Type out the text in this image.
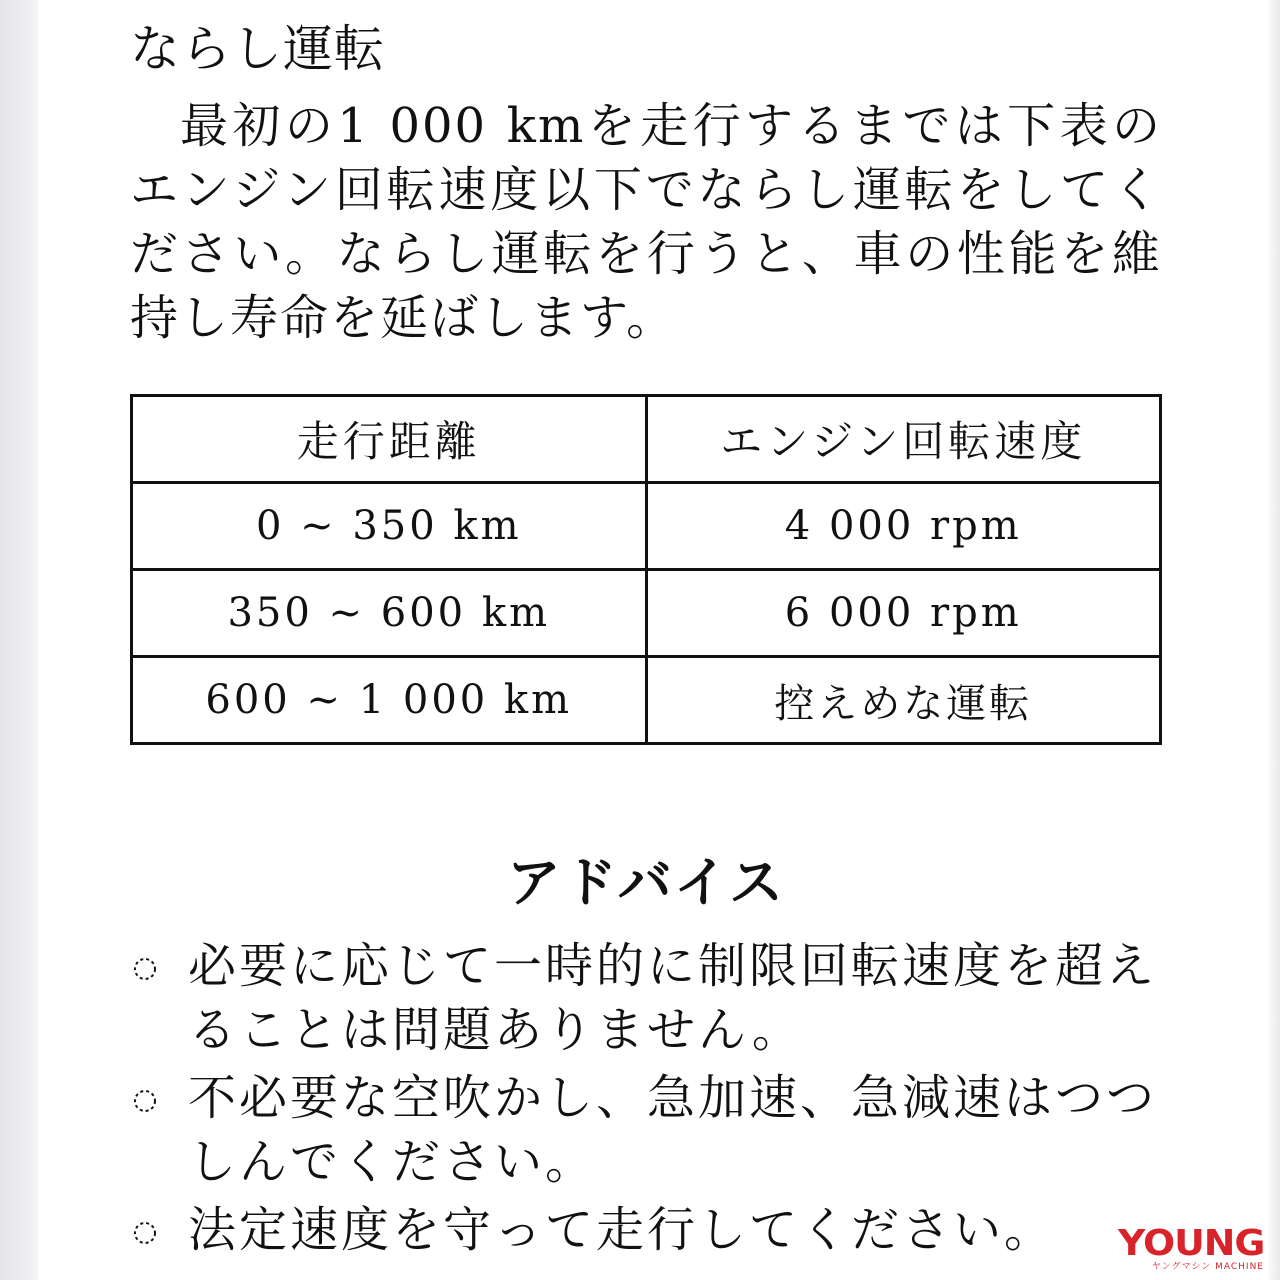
ならし運転

最初の1 000 kmを走行するまでは下表のエンジン回転速度以下でならし運転をしてください。ならし運転を行うと、車の性能を維持し寿命を延ばします。

走行距離	エンジン回転速度
0 ~ 350 km	4 000 rpm
350 ~ 600 km	6 000 rpm
600 ~ 1 000 km	控えめな運転
アドバイス
必要に応じて一時的に制限回転速度を超えることは問題ありません。
不必要な空吹かし、急加速、急減速はつつしんでください。
法定速度を守って走行してください。	YOUNG
ヤングマシン MACHINE
